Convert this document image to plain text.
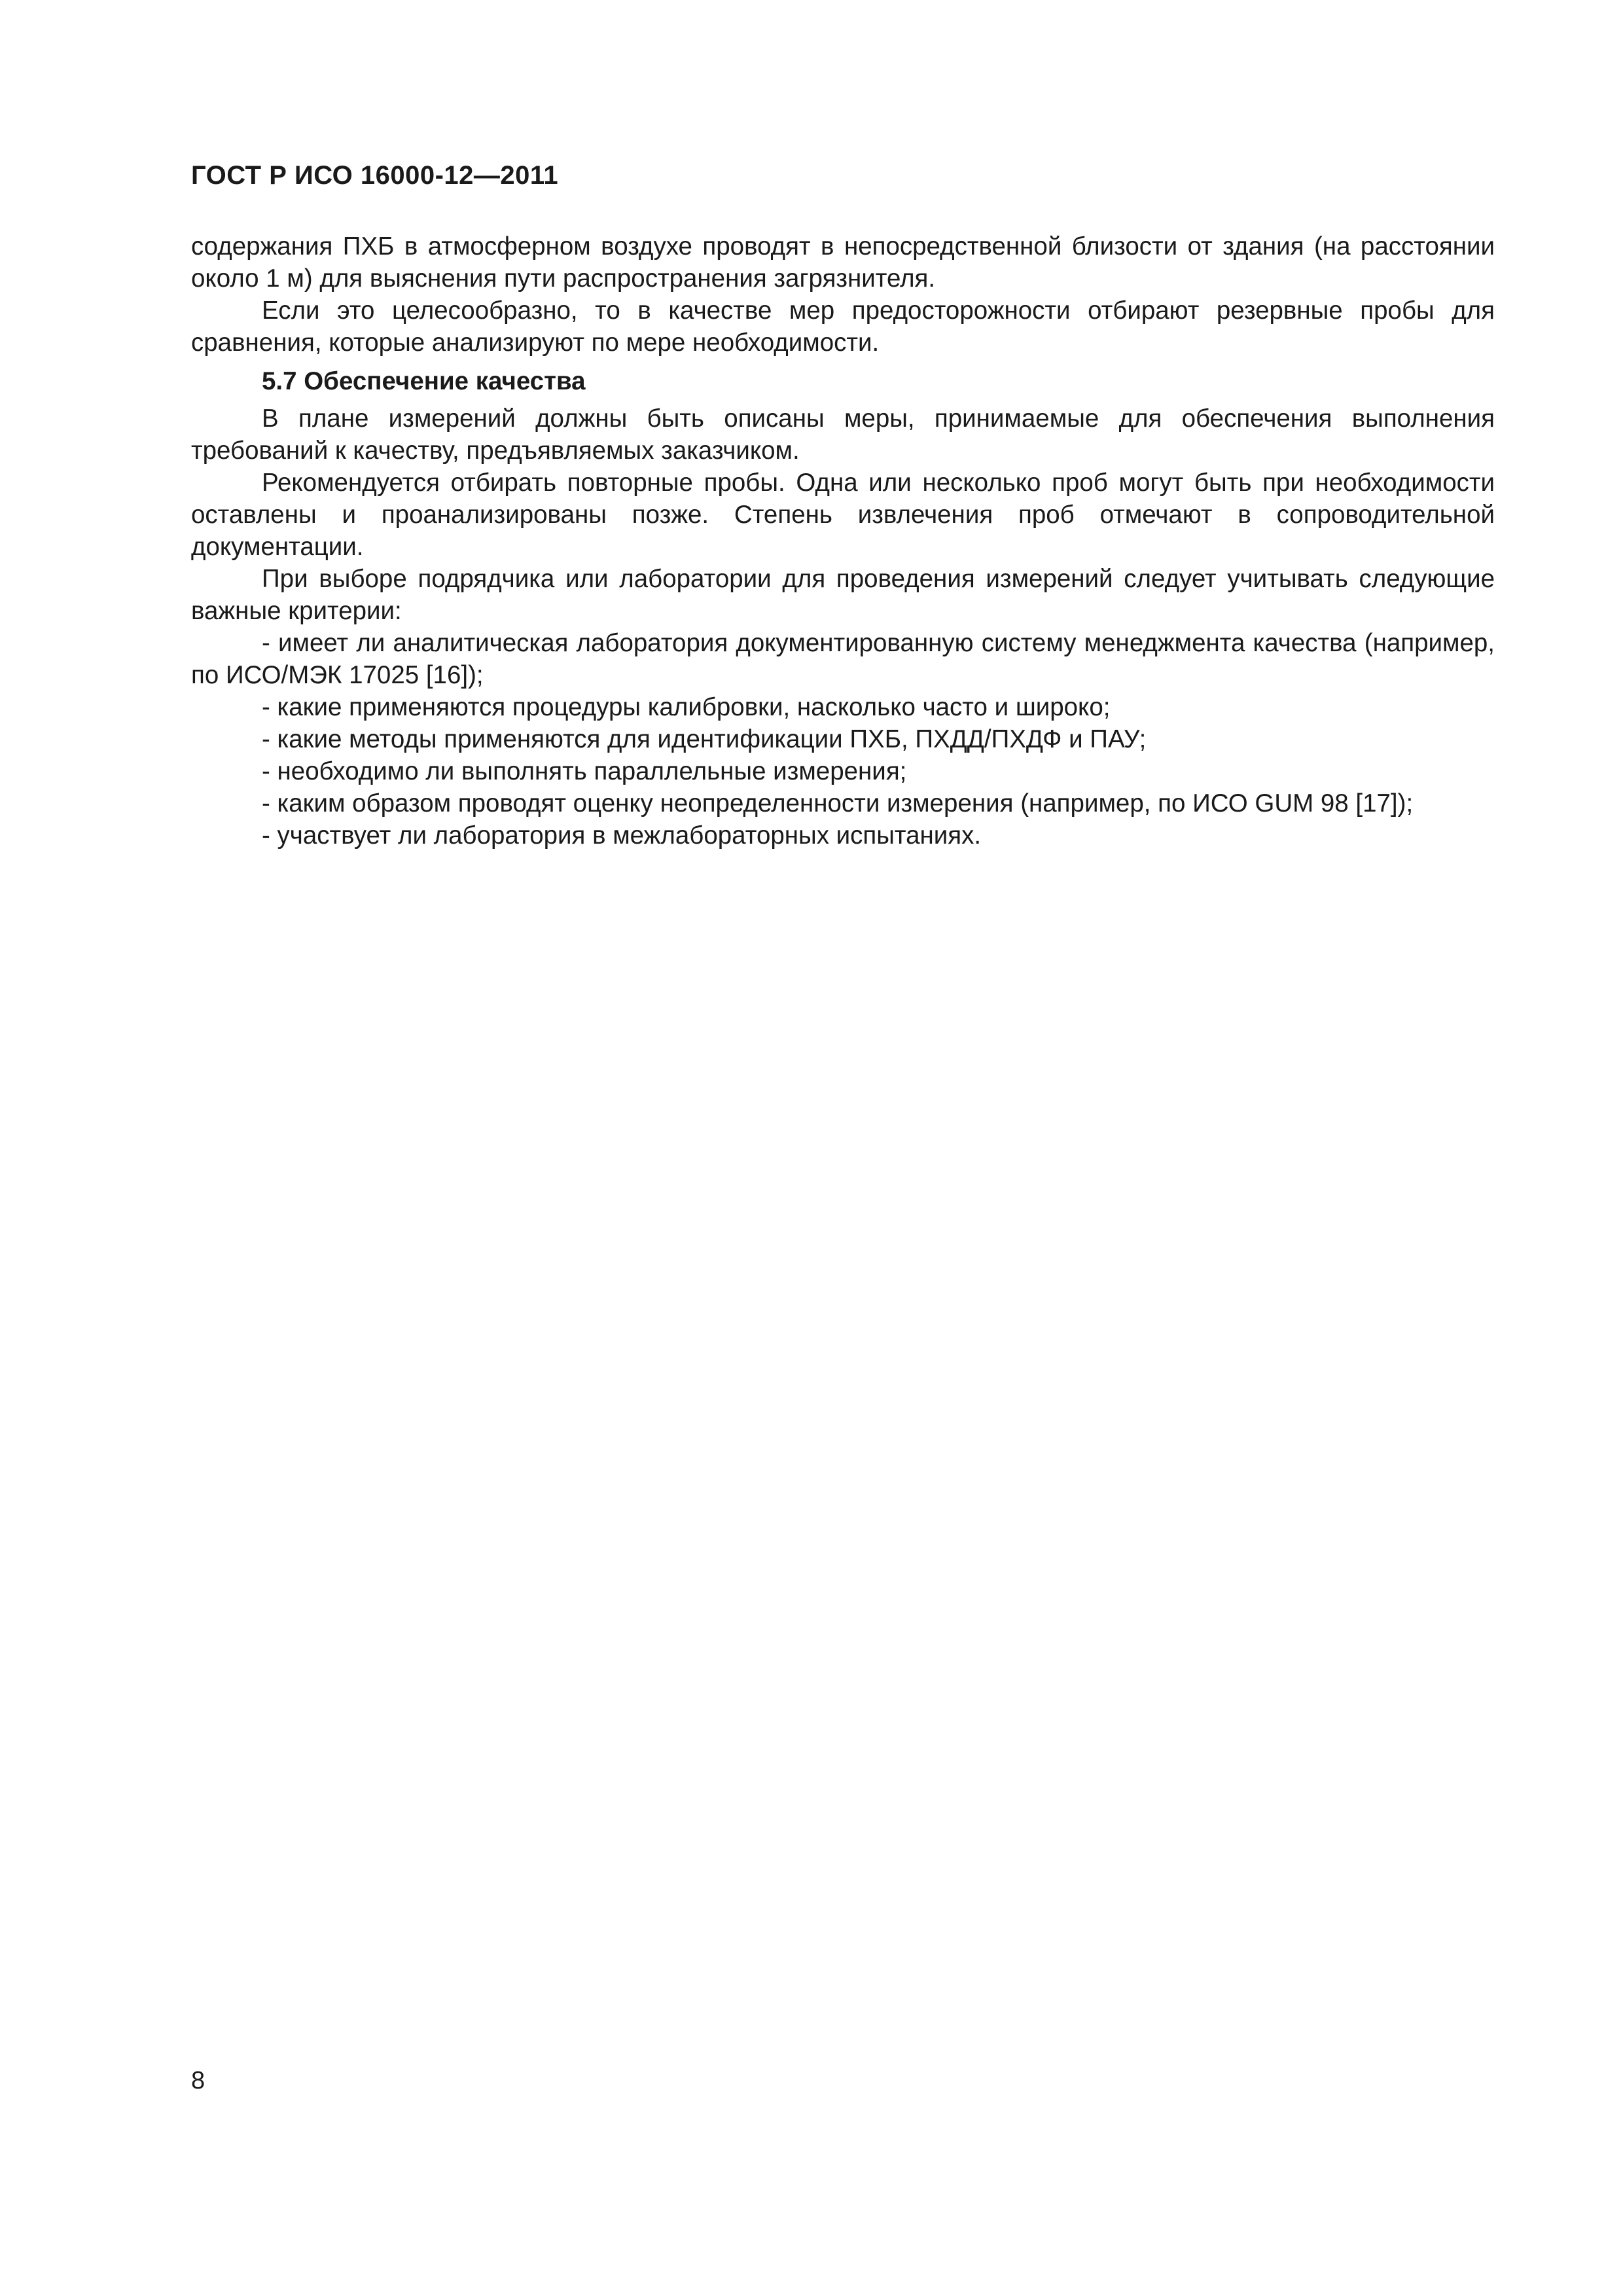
ГОСТ Р ИСО 16000-12—2011

содержания ПХБ в атмосферном воздухе проводят в непосредственной близости от здания (на расстоянии около 1 м) для выяснения пути распространения загрязнителя.

Если это целесообразно, то в качестве мер предосторожности отбирают резервные пробы для сравнения, которые анализируют по мере необходимости.

5.7 Обеспечение качества

В плане измерений должны быть описаны меры, принимаемые для обеспечения выполнения требований к качеству, предъявляемых заказчиком.

Рекомендуется отбирать повторные пробы. Одна или несколько проб могут быть при необходимости оставлены и проанализированы позже. Степень извлечения проб отмечают в сопроводительной документации.

При выборе подрядчика или лаборатории для проведения измерений следует учитывать следующие важные критерии:

- имеет ли аналитическая лаборатория документированную систему менеджмента качества (например, по ИСО/МЭК 17025 [16]);
- какие применяются процедуры калибровки, насколько часто и широко;
- какие методы применяются для идентификации ПХБ, ПХДД/ПХДФ и ПАУ;
- необходимо ли выполнять параллельные измерения;
- каким образом проводят оценку неопределенности измерения (например, по ИСО GUM 98 [17]);
- участвует ли лаборатория в межлабораторных испытаниях.
8
